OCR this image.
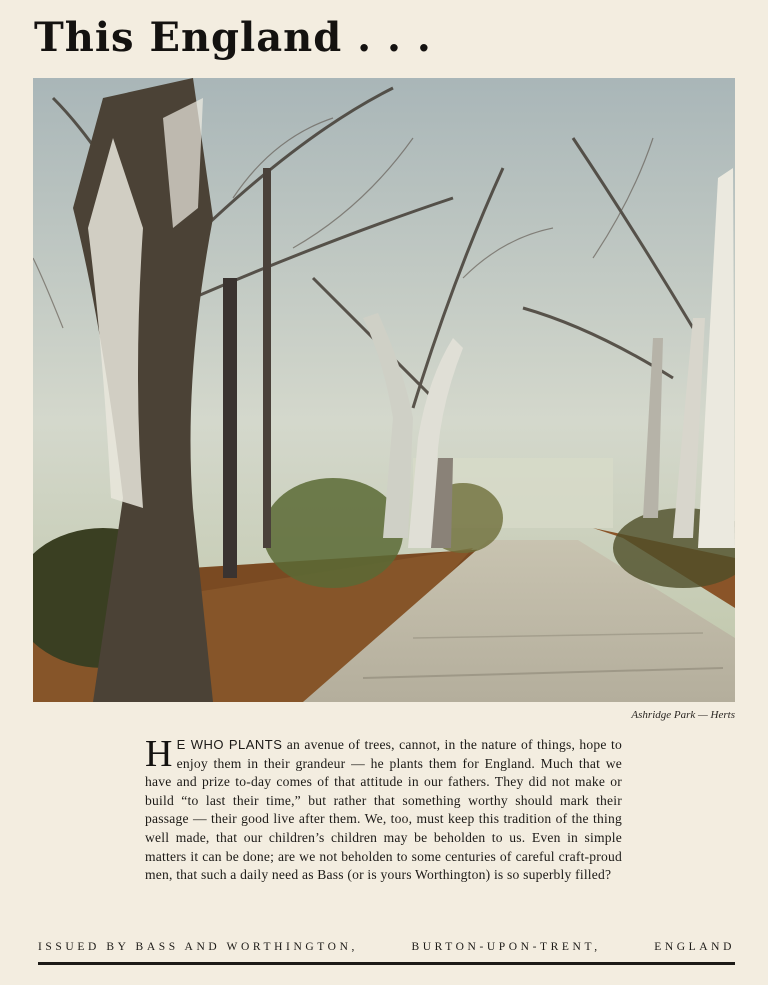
This England . . .
Ashridge Park — Herts
H E WHO PLANTS an avenue of trees, cannot, in the nature of things, hope to enjoy them in their grandeur — he plants them for England. Much that we have and prize to-day comes of that attitude in our fathers. They did not make or build “to last their time,” but rather that something worthy should mark their passage — their good live after them. We, too, must keep this tradition of the thing well made, that our children’s children may be beholden to us. Even in simple matters it can be done; are we not beholden to some centuries of careful craft-proud men, that such a daily need as Bass (or is yours Worthington) is so superbly filled?
ISSUED BY BASS AND WORTHINGTON,	BURTON-UPON-TRENT,	ENGLAND
